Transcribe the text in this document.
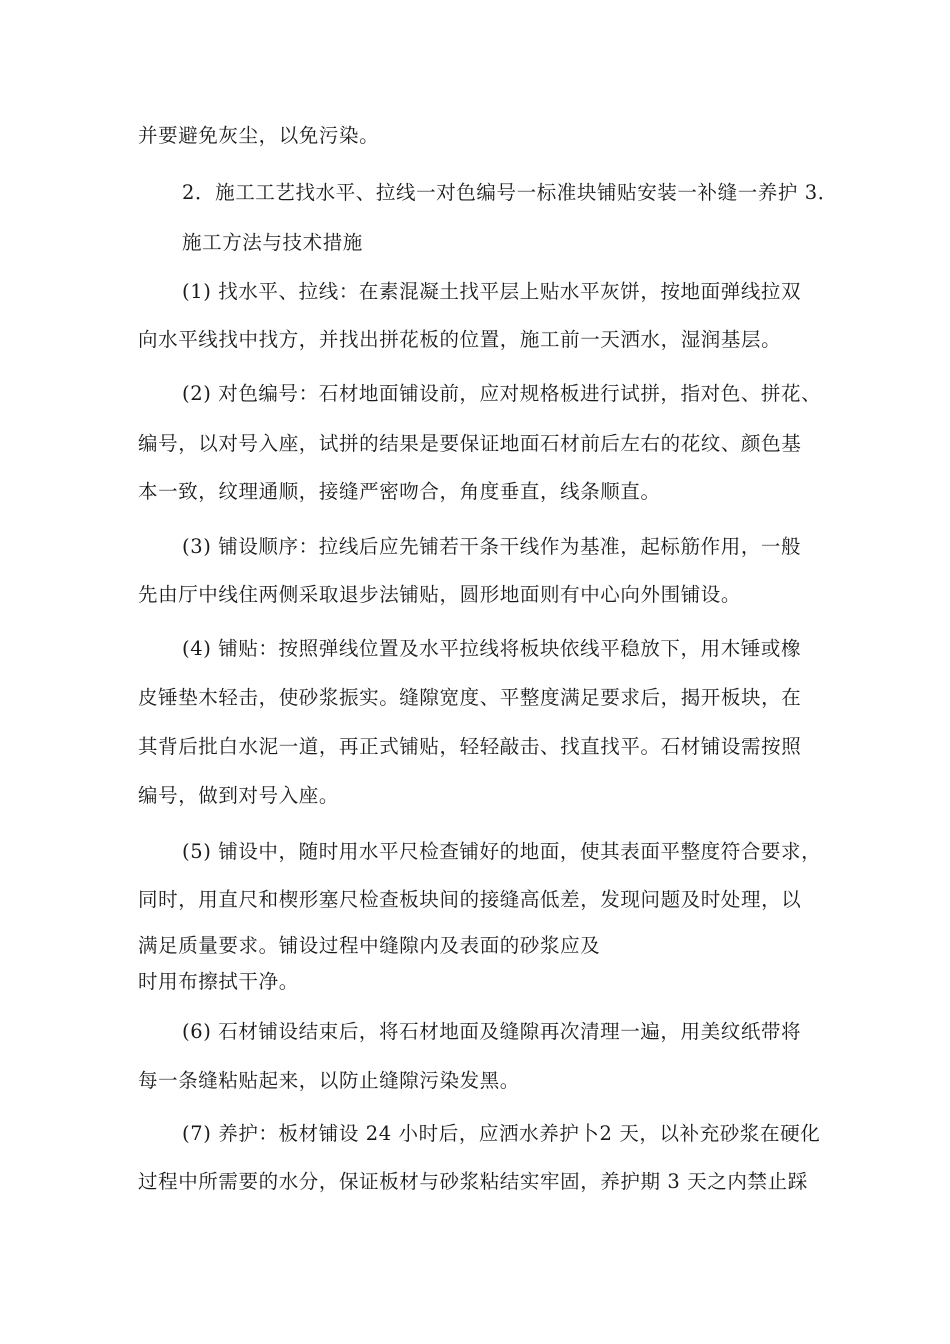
并要避免灰尘，以免污染。
2．施工工艺找水平、拉线一对色编号一标准块铺贴安装一补缝一养护 3．
施工方法与技术措施
(1) 找水平、拉线：在素混凝土找平层上贴水平灰饼，按地面弹线拉双
向水平线找中找方，并找出拼花板的位置，施工前一天洒水，湿润基层。
(2) 对色编号：石材地面铺设前，应对规格板进行试拼，指对色、拼花、
编号，以对号入座，试拼的结果是要保证地面石材前后左右的花纹、颜色基
本一致，纹理通顺，接缝严密吻合，角度垂直，线条顺直。
(3) 铺设顺序：拉线后应先铺若干条干线作为基准，起标筋作用，一般
先由厅中线住两侧采取退步法铺贴，圆形地面则有中心向外围铺设。
(4) 铺贴：按照弹线位置及水平拉线将板块依线平稳放下，用木锤或橡
皮锤垫木轻击，使砂浆振实。缝隙宽度、平整度满足要求后，揭开板块，在
其背后批白水泥一道，再正式铺贴，轻轻敲击、找直找平。石材铺设需按照
编号，做到对号入座。
(5) 铺设中，随时用水平尺检查铺好的地面，使其表面平整度符合要求，
同时，用直尺和楔形塞尺检查板块间的接缝高低差，发现问题及时处理，以
满足质量要求。铺设过程中缝隙内及表面的砂浆应及
时用布擦拭干净。
(6) 石材铺设结束后，将石材地面及缝隙再次清理一遍，用美纹纸带将
每一条缝粘贴起来，以防止缝隙污染发黑。
(7) 养护：板材铺设 24 小时后，应洒水养护卜2 天，以补充砂浆在硬化
过程中所需要的水分，保证板材与砂浆粘结实牢固，养护期 3 天之内禁止踩
